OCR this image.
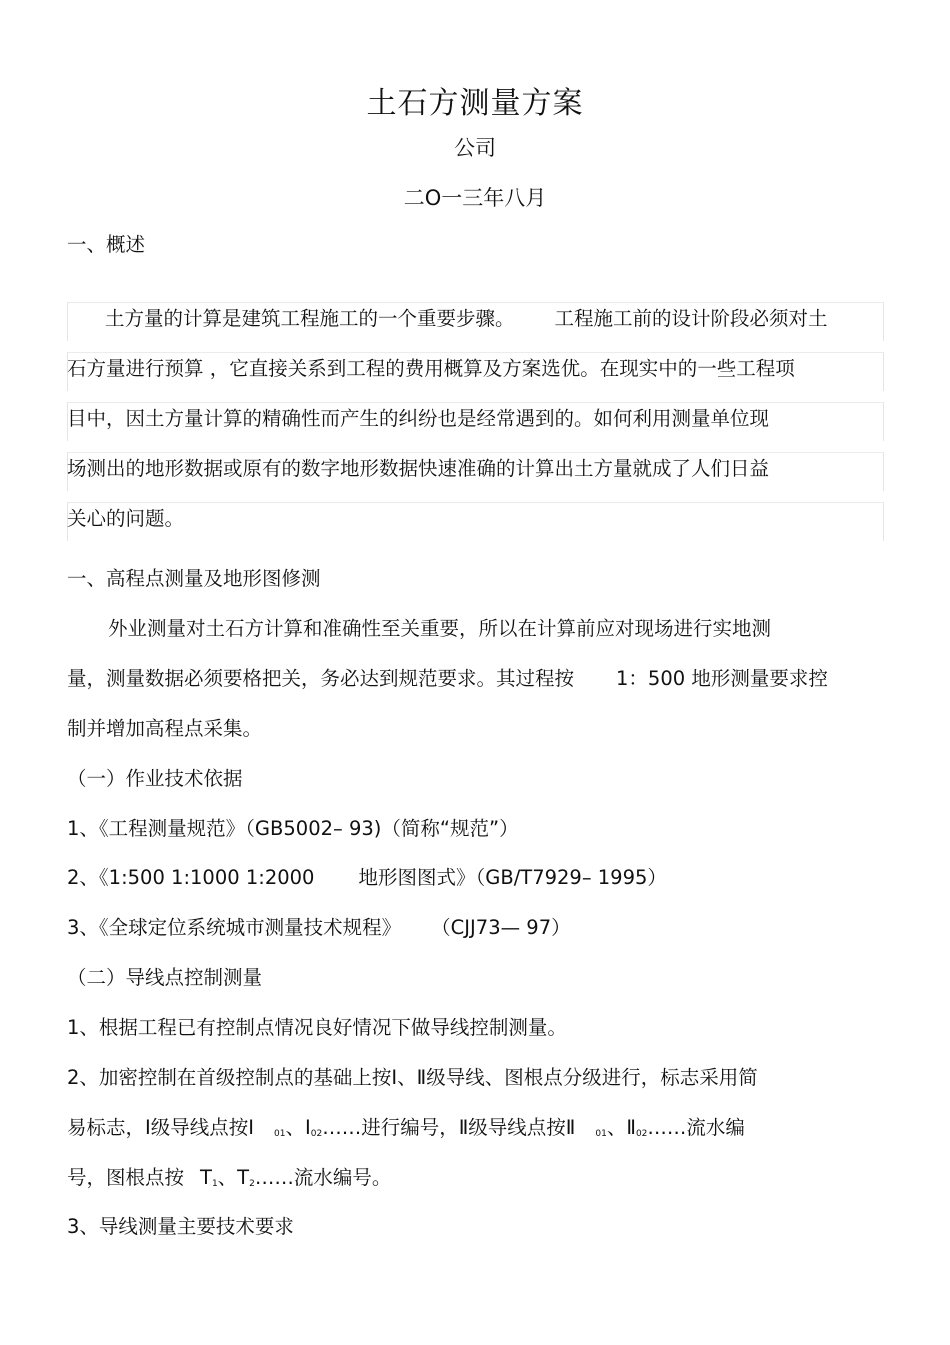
土石方测量方案
公司
二O一三年八月
一、概述
土方量的计算是建筑工程施工的一个重要步骤。 工程施工前的设计阶段必须对土
石方量进行预算 ，它直接关系到工程的费用概算及方案选优。在现实中的一些工程项
目中，因土方量计算的精确性而产生的纠纷也是经常遇到的。如何利用测量单位现
场测出的地形数据或原有的数字地形数据快速准确的计算出土方量就成了人们日益
关心的问题。
一、高程点测量及地形图修测
外业测量对土石方计算和准确性至关重要，所以在计算前应对现场进行实地测
量，测量数据必须要格把关，务必达到规范要求。其过程按 1：500 地形测量要求控
制并增加高程点采集。
（一）作业技术依据
1、《工程测量规范》（GB5002– 93)（简称“规范”）
2、《1:500 1:1000 1:2000 地形图图式》（GB/T7929– 1995）
3、《全球定位系统城市测量技术规程》 （CJJ73— 97）
（二）导线点控制测量
1、根据工程已有控制点情况良好情况下做导线控制测量。
2、加密控制在首级控制点的基础上按Ⅰ、Ⅱ级导线、图根点分级进行，标志采用简
易标志，Ⅰ级导线点按Ⅰ $_{01}$、$Ⅰ_{02}\dots\dots$进行编号，Ⅱ级导线点按Ⅱ $_{01}$、$Ⅱ_{02}\dots\dots$流水编
号，图根点按 $T_1$、$T_2\dots\dots$流水编号。
3、导线测量主要技术要求
